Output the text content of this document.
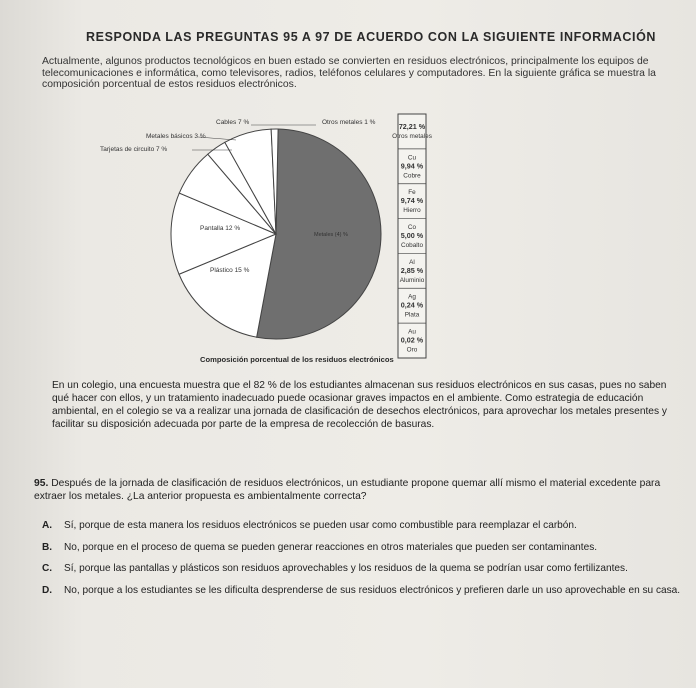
RESPONDA LAS PREGUNTAS 95 A 97 DE ACUERDO CON LA SIGUIENTE INFORMACIÓN
Actualmente, algunos productos tecnológicos en buen estado se convierten en residuos electrónicos, principalmente los equipos de telecomunicaciones e informática, como televisores, radios, teléfonos celulares y computadores. En la siguiente gráfica se muestra la composición porcentual de estos residuos electrónicos.
Cables 7 %	Otros metales 1 %
Metales básicos 3 %
Tarjetas de circuito 7 %
Pantalla 12 %
Plástico 15 %
Metales (4) %
72,21 %
Otros metales
Cu
9,94 %
Cobre
Fe
9,74 %
Hierro
Co
5,00 %
Cobalto
Al
2,85 %
Aluminio
Ag
0,24 %
Plata
Au
0,02 %
Oro
Composición porcentual de los residuos electrónicos
En un colegio, una encuesta muestra que el 82 % de los estudiantes almacenan sus residuos electrónicos en sus casas, pues no saben qué hacer con ellos, y un tratamiento inadecuado puede ocasionar graves impactos en el ambiente. Como estrategia de educación ambiental, en el colegio se va a realizar una jornada de clasificación de desechos electrónicos, para aprovechar los metales presentes y facilitar su disposición adecuada por parte de la empresa de recolección de basuras.
95. Después de la jornada de clasificación de residuos electrónicos, un estudiante propone quemar allí mismo el material excedente para extraer los metales. ¿La anterior propuesta es ambientalmente correcta?
A.	Sí, porque de esta manera los residuos electrónicos se pueden usar como combustible para reemplazar el carbón.
B.	No, porque en el proceso de quema se pueden generar reacciones en otros materiales que pueden ser contaminantes.
C.	Sí, porque las pantallas y plásticos son residuos aprovechables y los residuos de la quema se podrían usar como fertilizantes.
D.	No, porque a los estudiantes se les dificulta desprenderse de sus residuos electrónicos y prefieren darle un uso aprovechable en su casa.
